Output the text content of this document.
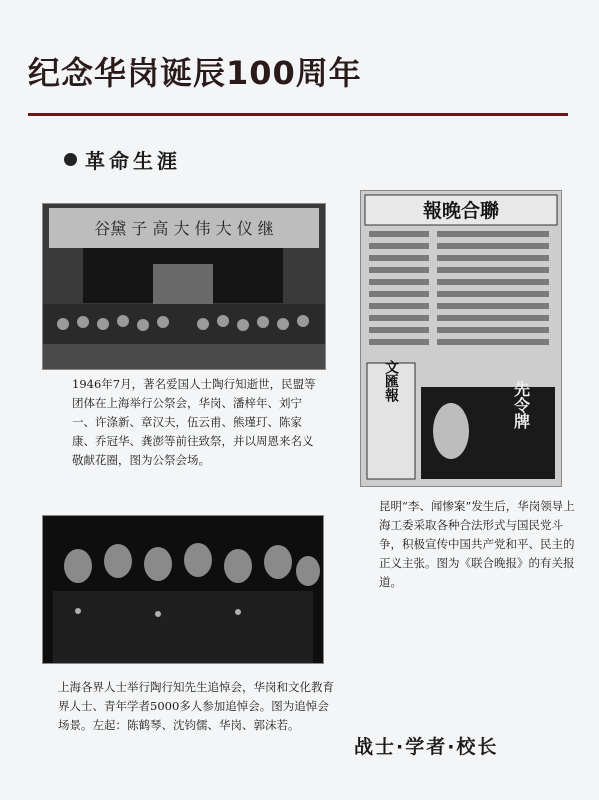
纪念华岗诞辰100周年
革命生涯
谷黛 子 高 大 伟 大 仪 继
報晚合聯
文匯報	先令牌
1946年7月，著名爱国人士陶行知逝世，民盟等团体在上海举行公祭会，华岗、潘梓年、刘宁一、许涤新、章汉夫，伍云甫、熊瑾玎、陈家康、乔冠华、龚澎等前往致祭，并以周恩来名义敬献花圈，图为公祭会场。
昆明“李、闻惨案”发生后，华岗领导上海工委采取各种合法形式与国民党斗争，积极宣传中国共产党和平、民主的正义主张。图为《联合晚报》的有关报道。
上海各界人士举行陶行知先生追悼会，华岗和文化教育界人士、青年学者5000多人参加追悼会。图为追悼会场景。左起：陈鹤琴、沈钧儒、华岗、郭沫若。
战士·学者·校长
